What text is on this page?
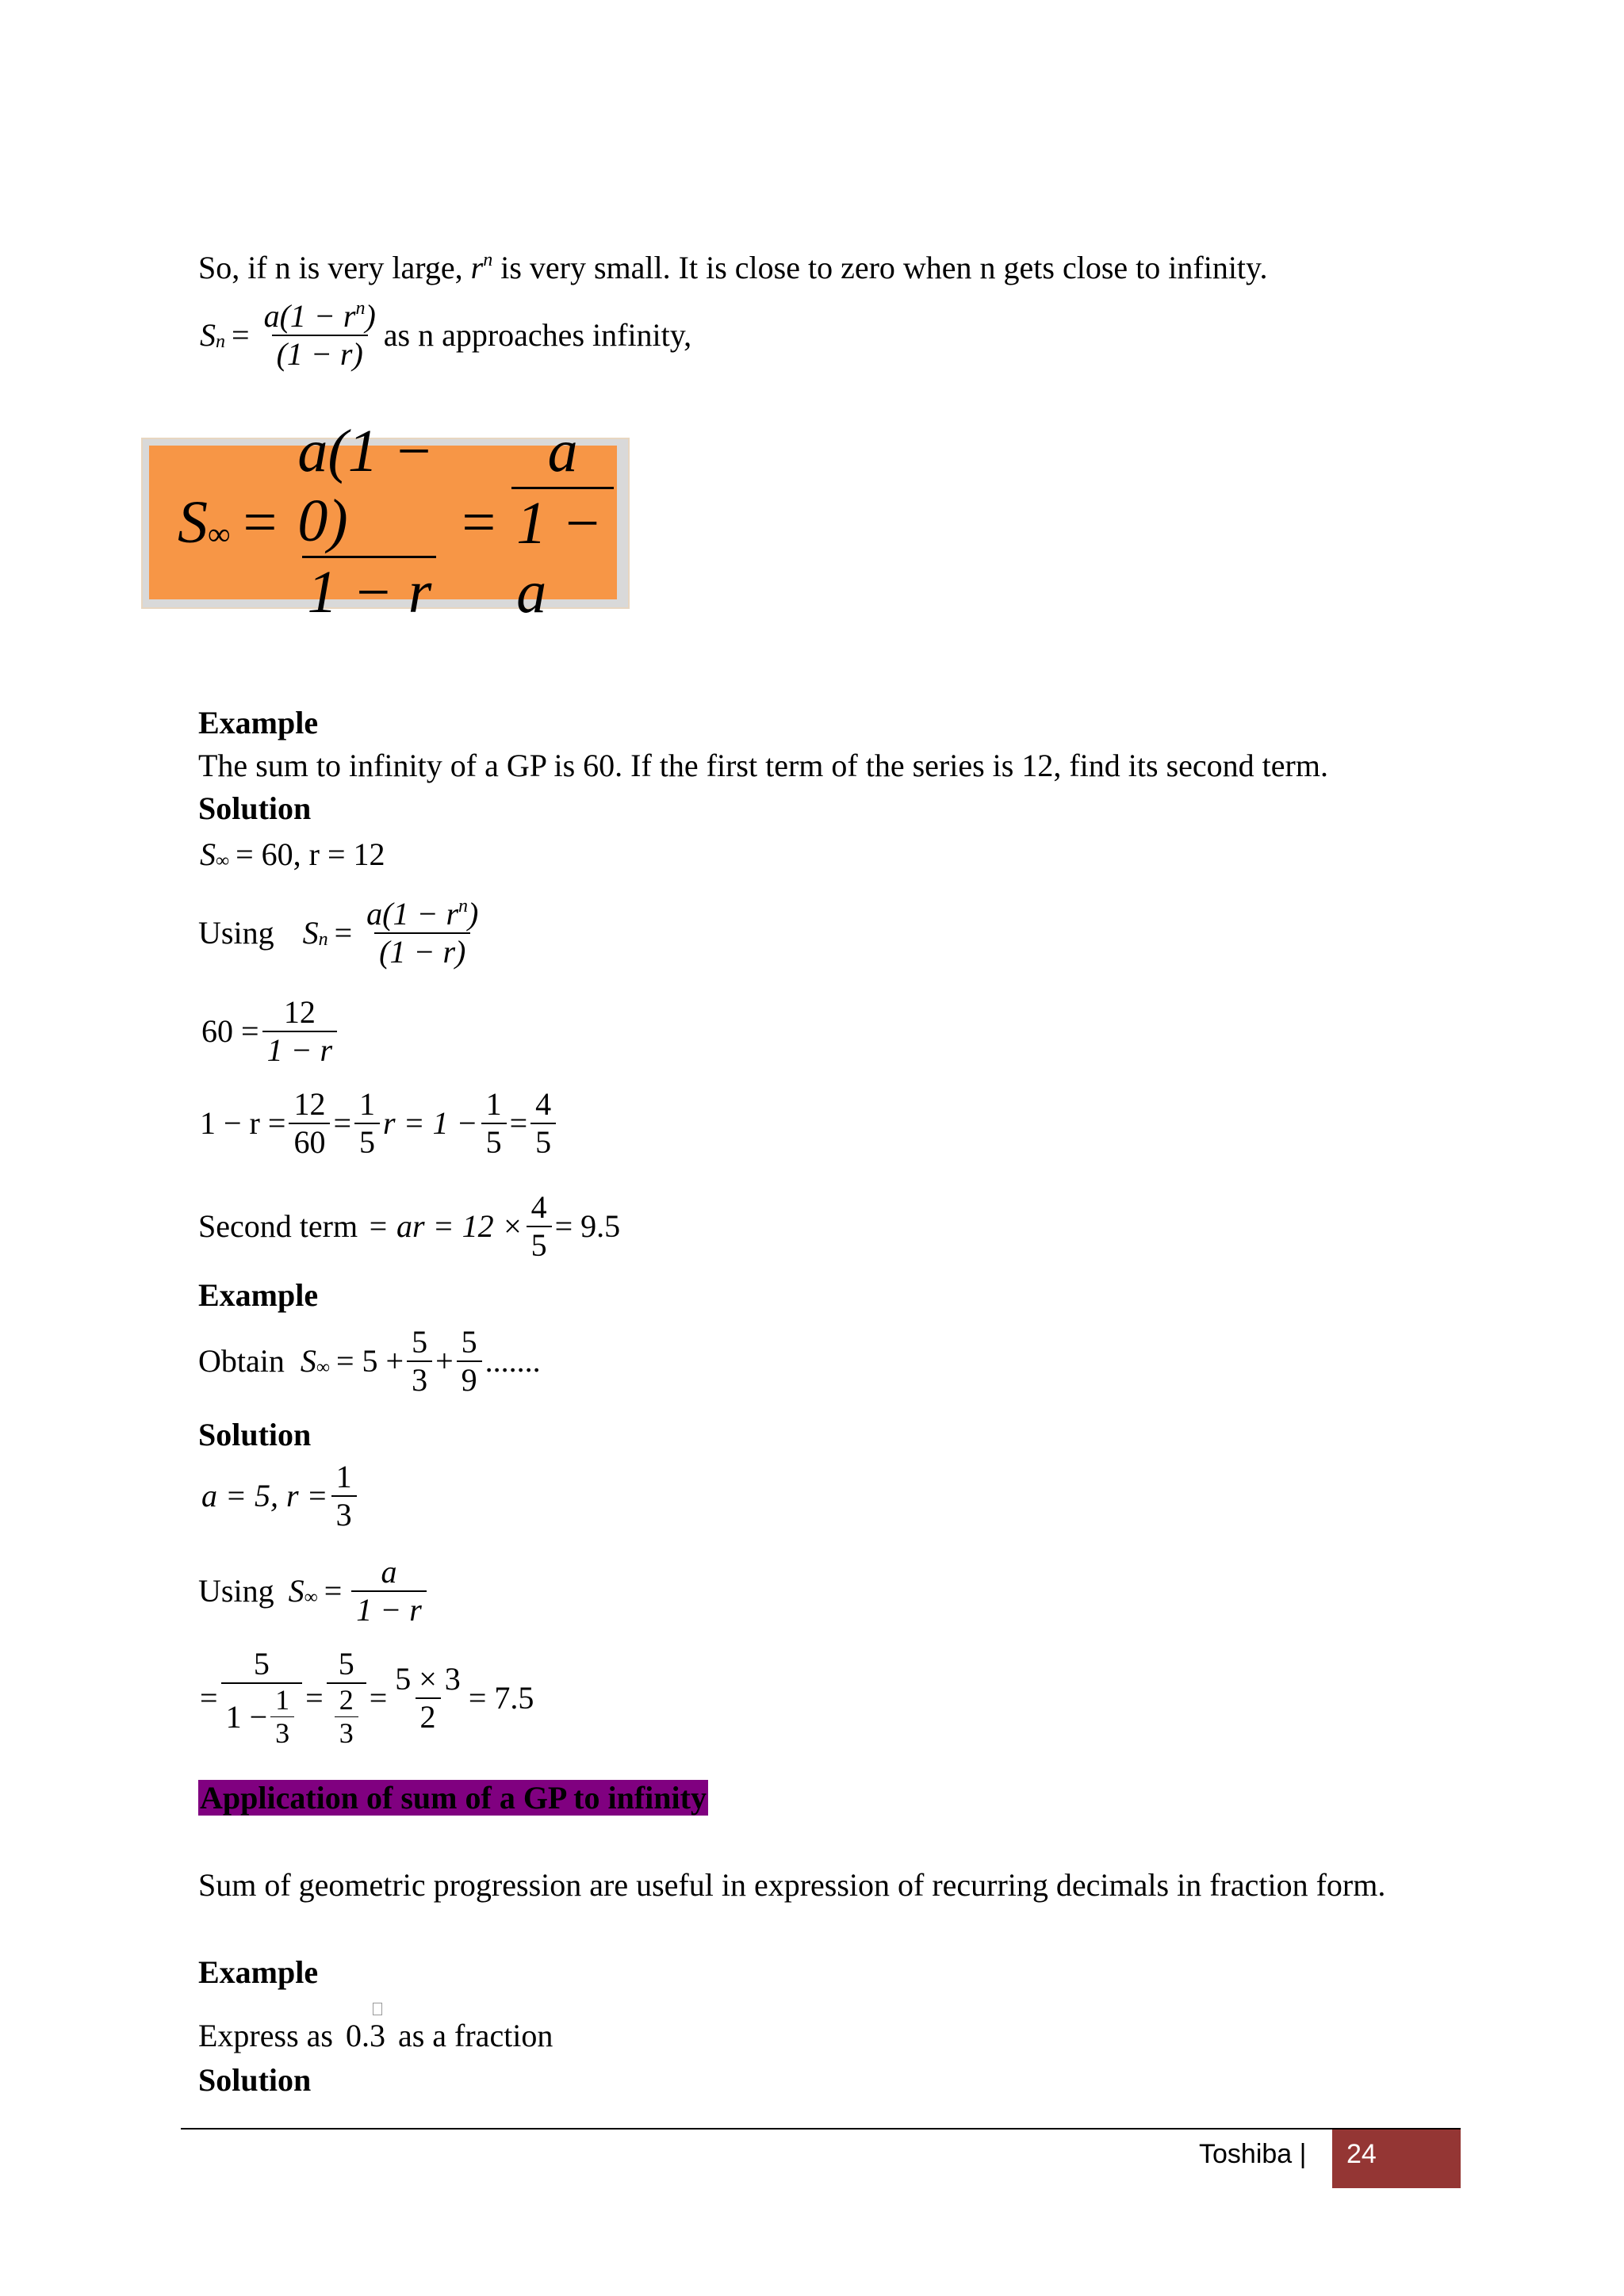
So, if n is very large, $r^n$ is very small. It is close to zero when n gets close to infinity.
S $n = \frac{a(1 - r^n)}{(1 - r)}$ as n approaches infinity,
S ∞ = $\frac{a(1 - 0)}{1 - r} = \frac{a}{1 - a}$
Example
The sum to infinity of a GP is 60. If the first term of the series is 12, find its second term.
Solution
S ∞ = 60, r = 12
Using S $n = \frac{a(1 - r^n)}{(1 - r)}$
$60 = \frac{12}{1 - r}$
$1 - r = \frac{12}{60} = \frac{1}{5}$ $r = 1 - \frac{1}{5} = \frac{4}{5}$
Second term = ar = $12 \times \frac{4}{5} = 9.5$
Example
Obtain S ∞ = $5 + \frac{5}{3} + \frac{5}{9}$ .......
Solution
a = 5, $r = \frac{1}{3}$
Using S ∞ = $\frac{a}{1 - r}$
= $\frac{5}{1 - \frac{1}{3}} = \frac{5}{\frac{2}{3}} = \frac{5 \times 3}{2} = 7.5$
Application of sum of a GP to infinity
Sum of geometric progression are useful in expression of recurring decimals in fraction form.
Example
Express as 0.3 as a fraction
Solution
Toshiba |	24
